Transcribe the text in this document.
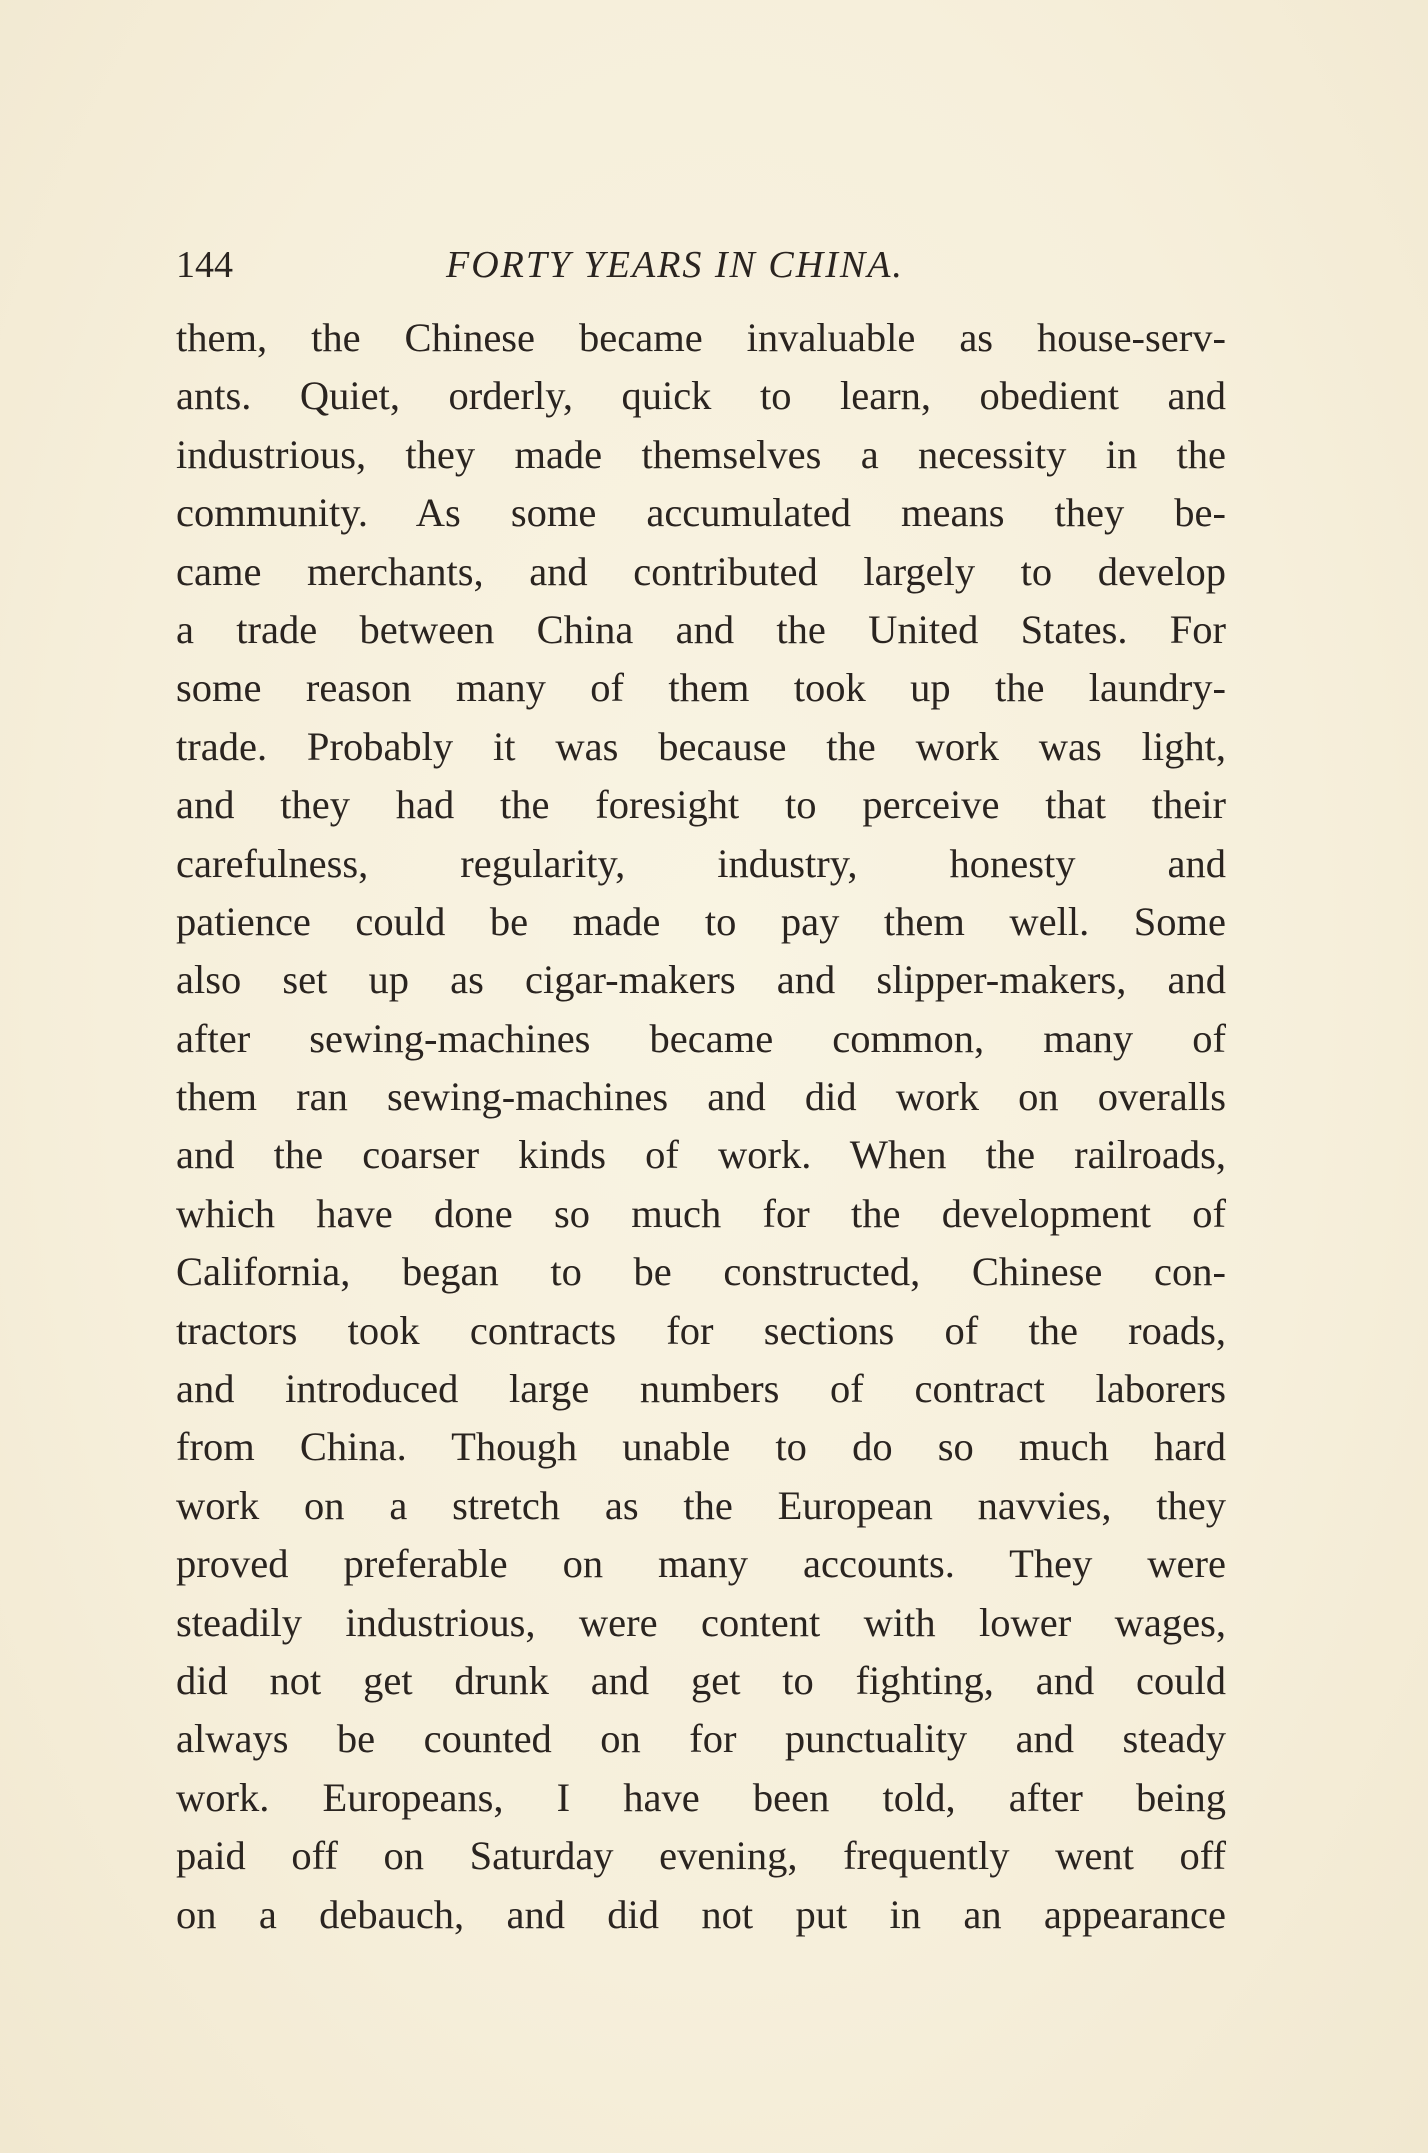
144	FORTY YEARS IN CHINA.
them, the Chinese became invaluable as house-serv-
ants. Quiet, orderly, quick to learn, obedient and
industrious, they made themselves a necessity in the
community. As some accumulated means they be-
came merchants, and contributed largely to develop
a trade between China and the United States. For
some reason many of them took up the laundry-
trade. Probably it was because the work was light,
and they had the foresight to perceive that their
carefulness, regularity, industry, honesty and
patience could be made to pay them well. Some
also set up as cigar-makers and slipper-makers, and
after sewing-machines became common, many of
them ran sewing-machines and did work on overalls
and the coarser kinds of work. When the railroads,
which have done so much for the development of
California, began to be constructed, Chinese con-
tractors took contracts for sections of the roads,
and introduced large numbers of contract laborers
from China. Though unable to do so much hard
work on a stretch as the European navvies, they
proved preferable on many accounts. They were
steadily industrious, were content with lower wages,
did not get drunk and get to fighting, and could
always be counted on for punctuality and steady
work. Europeans, I have been told, after being
paid off on Saturday evening, frequently went off
on a debauch, and did not put in an appearance
